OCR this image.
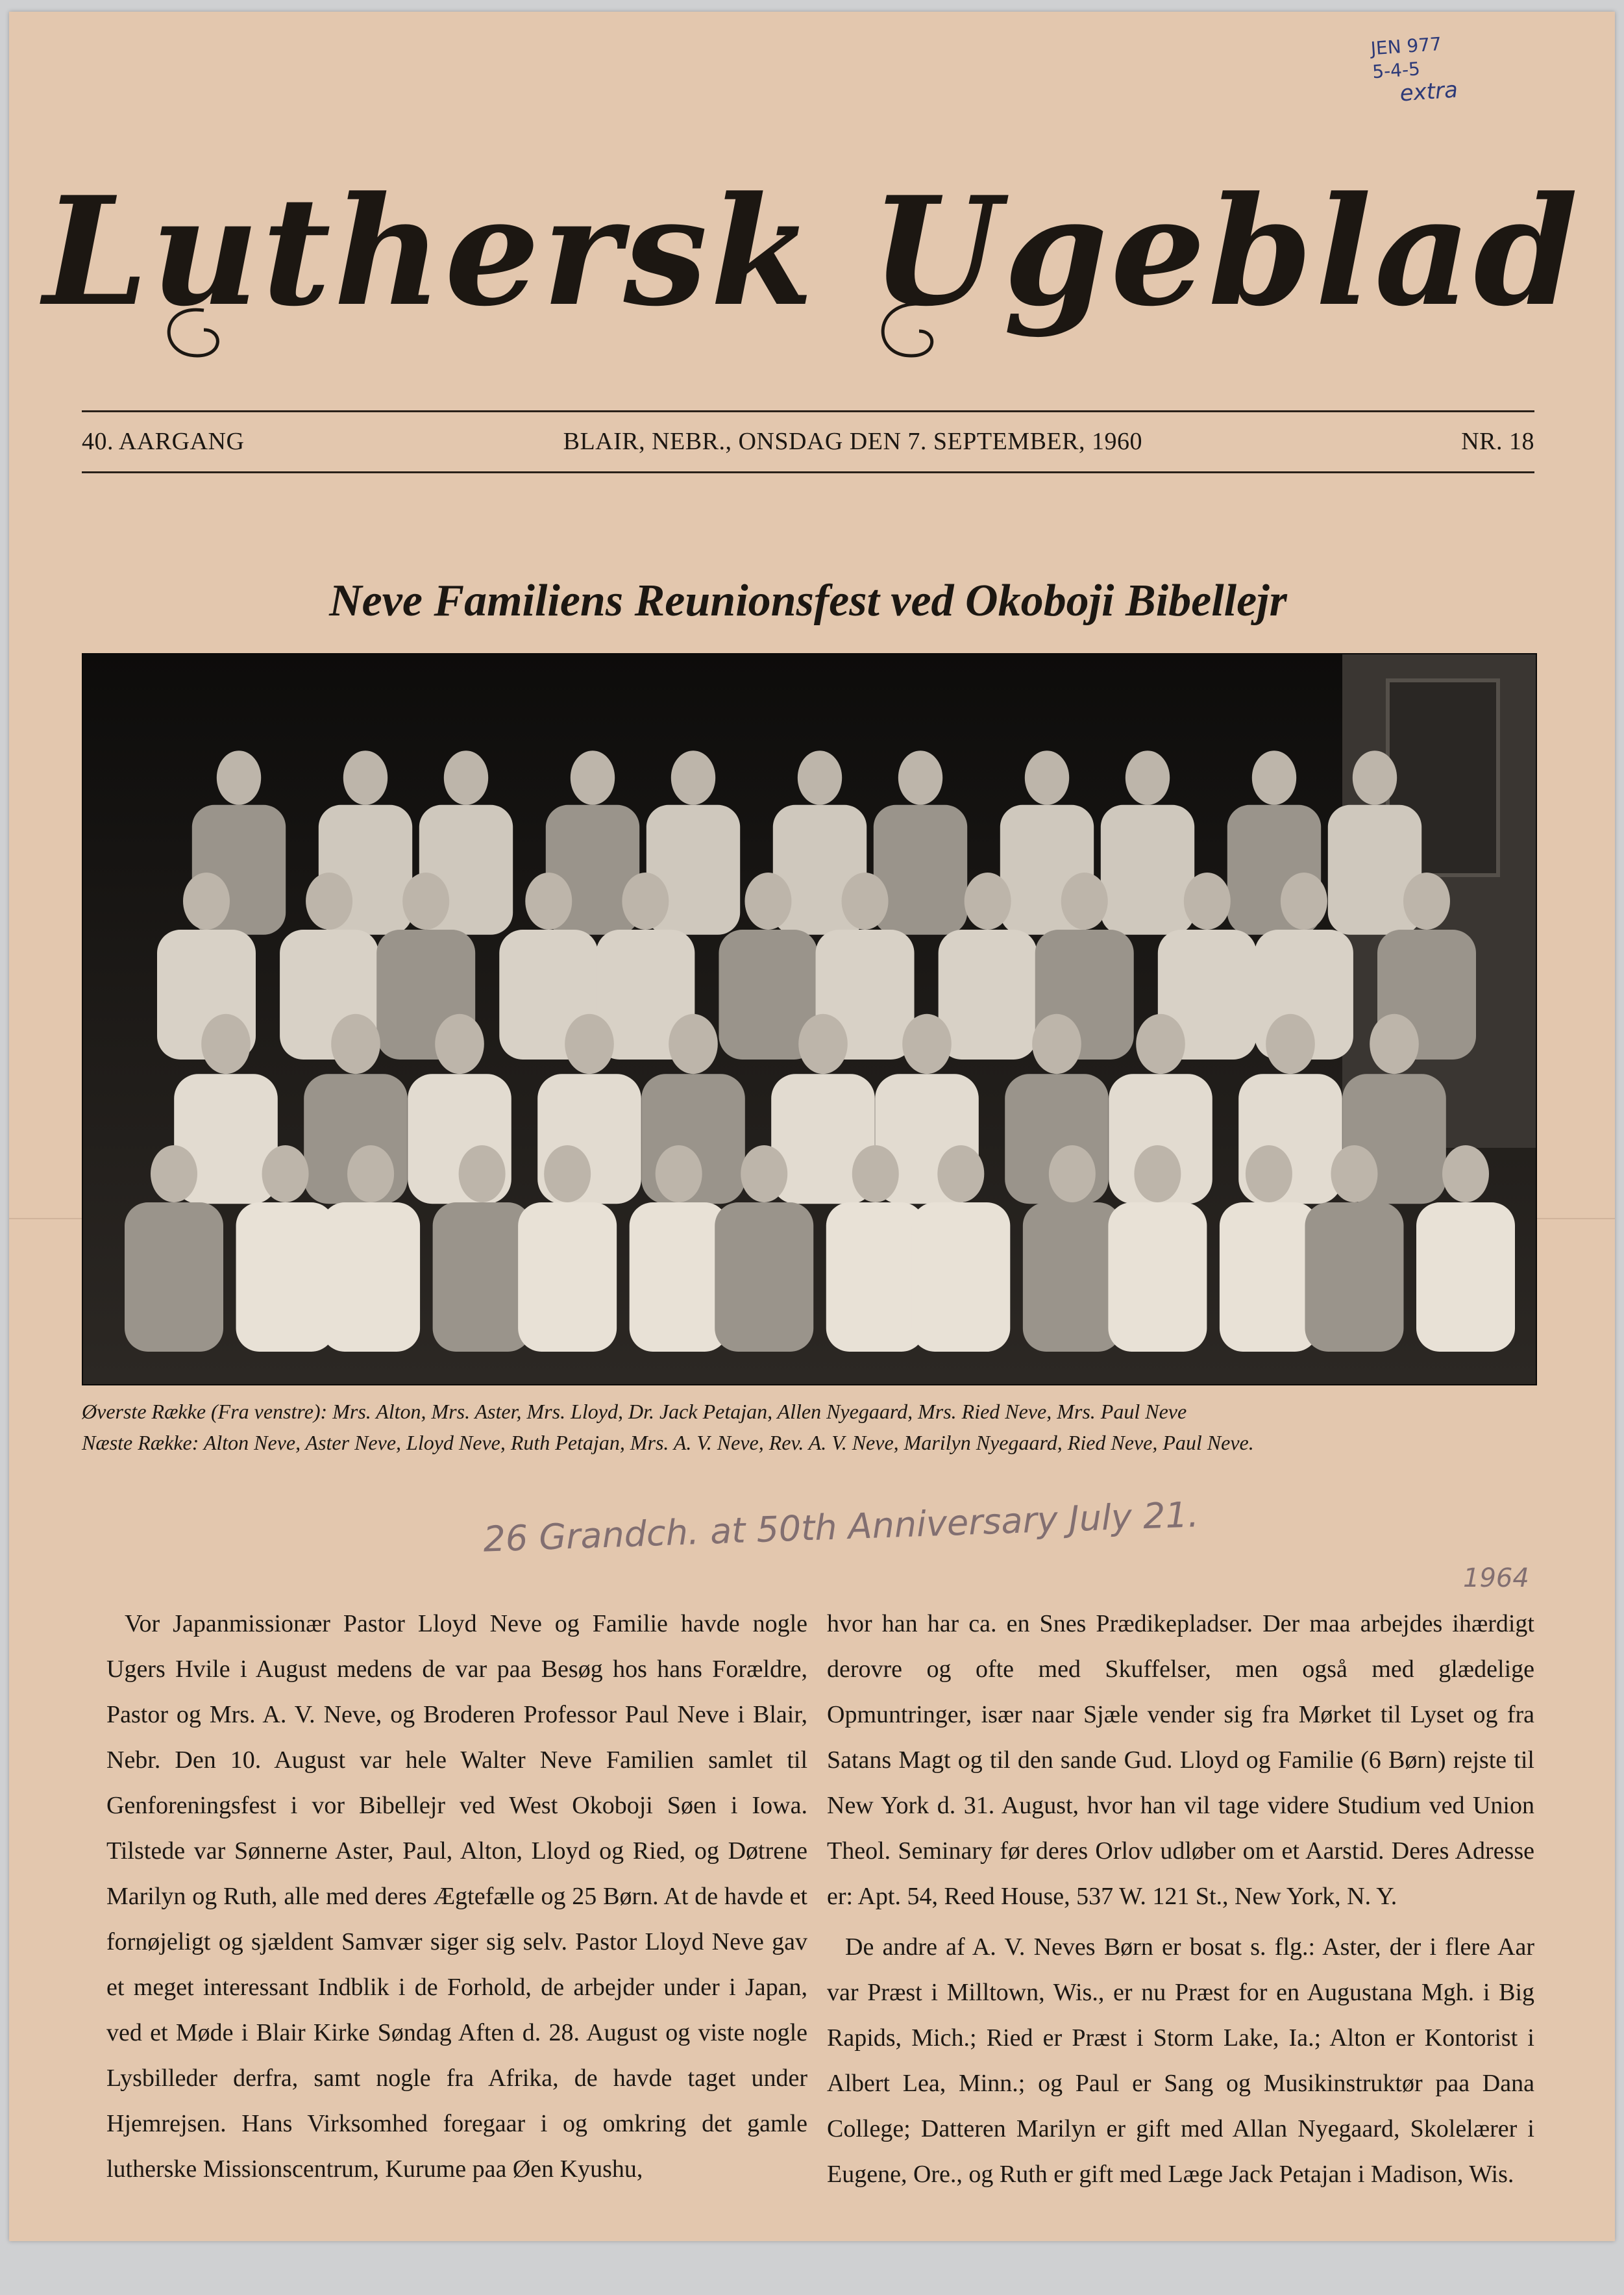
JEN 977
5-4-5
extra
Luthersk Ugeblad
40. AARGANG	BLAIR, NEBR., ONSDAG DEN 7. SEPTEMBER, 1960	NR. 18
Neve Familiens Reunionsfest ved Okoboji Bibellejr

Øverste Række (Fra venstre): Mrs. Alton, Mrs. Aster, Mrs. Lloyd, Dr. Jack Petajan, Allen Nyegaard, Mrs. Ried Neve, Mrs. Paul Neve

Næste Række: Alton Neve, Aster Neve, Lloyd Neve, Ruth Petajan, Mrs. A. V. Neve, Rev. A. V. Neve, Marilyn Nyegaard, Ried Neve, Paul Neve.

26 Grandch. at 50th Anniversary July 21.
1964

Vor Japanmissionær Pastor Lloyd Neve og Familie havde nogle Ugers Hvile i August medens de var paa Besøg hos hans Forældre, Pastor og Mrs. A. V. Neve, og Broderen Professor Paul Neve i Blair, Nebr. Den 10. August var hele Walter Neve Familien samlet til Genforeningsfest i vor Bibellejr ved West Okoboji Søen i Iowa. Tilstede var Sønnerne Aster, Paul, Alton, Lloyd og Ried, og Døtrene Marilyn og Ruth, alle med deres Ægtefælle og 25 Børn. At de havde et fornøjeligt og sjældent Samvær siger sig selv. Pastor Lloyd Neve gav et meget interessant Indblik i de Forhold, de arbejder under i Japan, ved et Møde i Blair Kirke Søndag Aften d. 28. August og viste nogle Lysbilleder derfra, samt nogle fra Afrika, de havde taget under Hjemrejsen. Hans Virksomhed foregaar i og omkring det gamle lutherske Missionscentrum, Kurume paa Øen Kyushu,

hvor han har ca. en Snes Prædikepladser. Der maa arbejdes ihærdigt derovre og ofte med Skuffelser, men også med glædelige Opmuntringer, især naar Sjæle vender sig fra Mørket til Lyset og fra Satans Magt og til den sande Gud. Lloyd og Familie (6 Børn) rejste til New York d. 31. August, hvor han vil tage videre Studium ved Union Theol. Seminary før deres Orlov udløber om et Aarstid. Deres Adresse er: Apt. 54, Reed House, 537 W. 121 St., New York, N. Y.

De andre af A. V. Neves Børn er bosat s. flg.: Aster, der i flere Aar var Præst i Milltown, Wis., er nu Præst for en Augustana Mgh. i Big Rapids, Mich.; Ried er Præst i Storm Lake, Ia.; Alton er Kontorist i Albert Lea, Minn.; og Paul er Sang og Musikinstruktør paa Dana College; Datteren Marilyn er gift med Allan Nyegaard, Skolelærer i Eugene, Ore., og Ruth er gift med Læge Jack Petajan i Madison, Wis.
